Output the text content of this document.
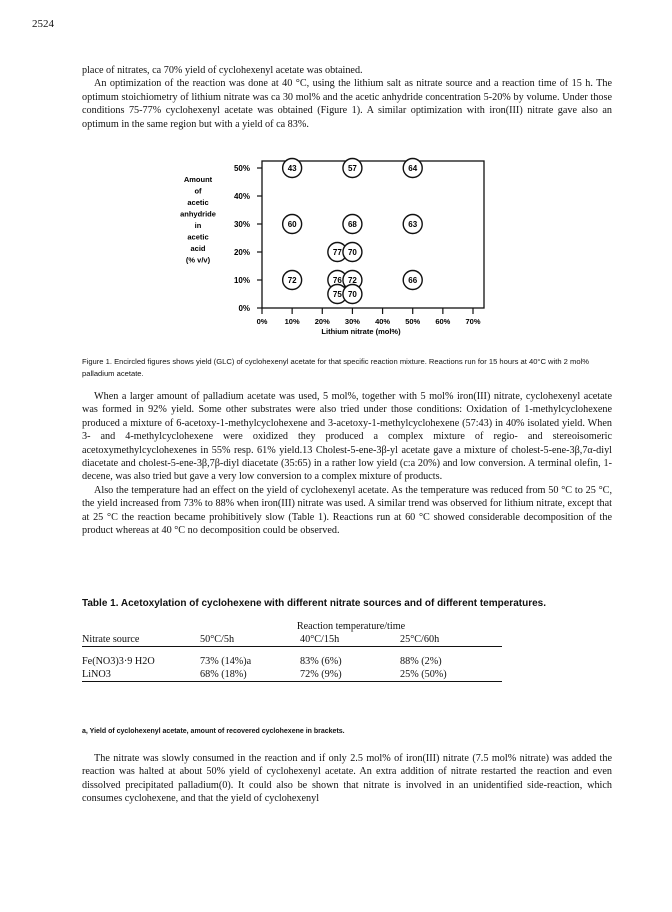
2524

place of nitrates, ca 70% yield of cyclohexenyl acetate was obtained.

An optimization of the reaction was done at 40 °C, using the lithium salt as nitrate source and a reaction time of 15 h. The optimum stoichiometry of lithium nitrate was ca 30 mol% and the acetic anhydride concentration 5-20% by volume. Under those conditions 75-77% cyclohexenyl acetate was obtained (Figure 1). A similar optimization with iron(III) nitrate gave also an optimum in the same region but with a yield of ca 83%.

0%
10%
20%
30%
40%
50%
0% 10% 20% 30% 40% 50% 60% 70%
Lithium nitrate (mol%)
Amount of acetic anhydride in acetic acid (% v/v)
43	57	64
60	68	63
77 70
72	76 72	66
75 70
Figure 1. Encircled figures shows yield (GLC) of cyclohexenyl acetate for that specific reaction mixture. Reactions run for 15 hours at 40°C with 2 mol% palladium acetate.

When a larger amount of palladium acetate was used, 5 mol%, together with 5 mol% iron(III) nitrate, cyclohexenyl acetate was formed in 92% yield. Some other substrates were also tried under those conditions: Oxidation of 1-methylcyclohexene produced a mixture of 6-acetoxy-1-methylcyclohexene and 3-acetoxy-1-methylcyclohexene (57:43) in 40% isolated yield. When 3- and 4-methylcyclohexene were oxidized they produced a complex mixture of regio- and stereoisomeric acetoxymethylcyclohexenes in 55% resp. 61% yield.13 Cholest-5-ene-3β-yl acetate gave a mixture of cholest-5-ene-3β,7α-diyl diacetate and cholest-5-ene-3β,7β-diyl diacetate (35:65) in a rather low yield (c:a 20%) and low conversion. A terminal olefin, 1-decene, was also tried but gave a very low conversion to a complex mixture of products.

Also the temperature had an effect on the yield of cyclohexenyl acetate. As the temperature was reduced from 50 °C to 25 °C, the yield increased from 73% to 88% when iron(III) nitrate was used. A similar trend was observed for lithium nitrate, except that at 25 °C the reaction became prohibitively slow (Table 1). Reactions run at 60 °C showed considerable decomposition of the product whereas at 40 °C no decomposition could be observed.

Table 1. Acetoxylation of cyclohexene with different nitrate sources and of different temperatures.
	Reaction temperature/time		
Nitrate source	50°C/5h	40°C/15h	25°C/60h

Fe(NO3)3·9 H2O	73% (14%)a	83% (6%)	88% (2%)
LiNO3	68% (18%)	72% (9%)	25% (50%)
a, Yield of cyclohexenyl acetate, amount of recovered cyclohexene in brackets.

The nitrate was slowly consumed in the reaction and if only 2.5 mol% of iron(III) nitrate (7.5 mol% nitrate) was added the reaction was halted at about 50% yield of cyclohexenyl acetate. An extra addition of nitrate restarted the reaction and even dissolved precipitated palladium(0). It could also be shown that nitrate is involved in an unidentified side-reaction, which consumes cyclohexene, and that the yield of cyclohexenyl
